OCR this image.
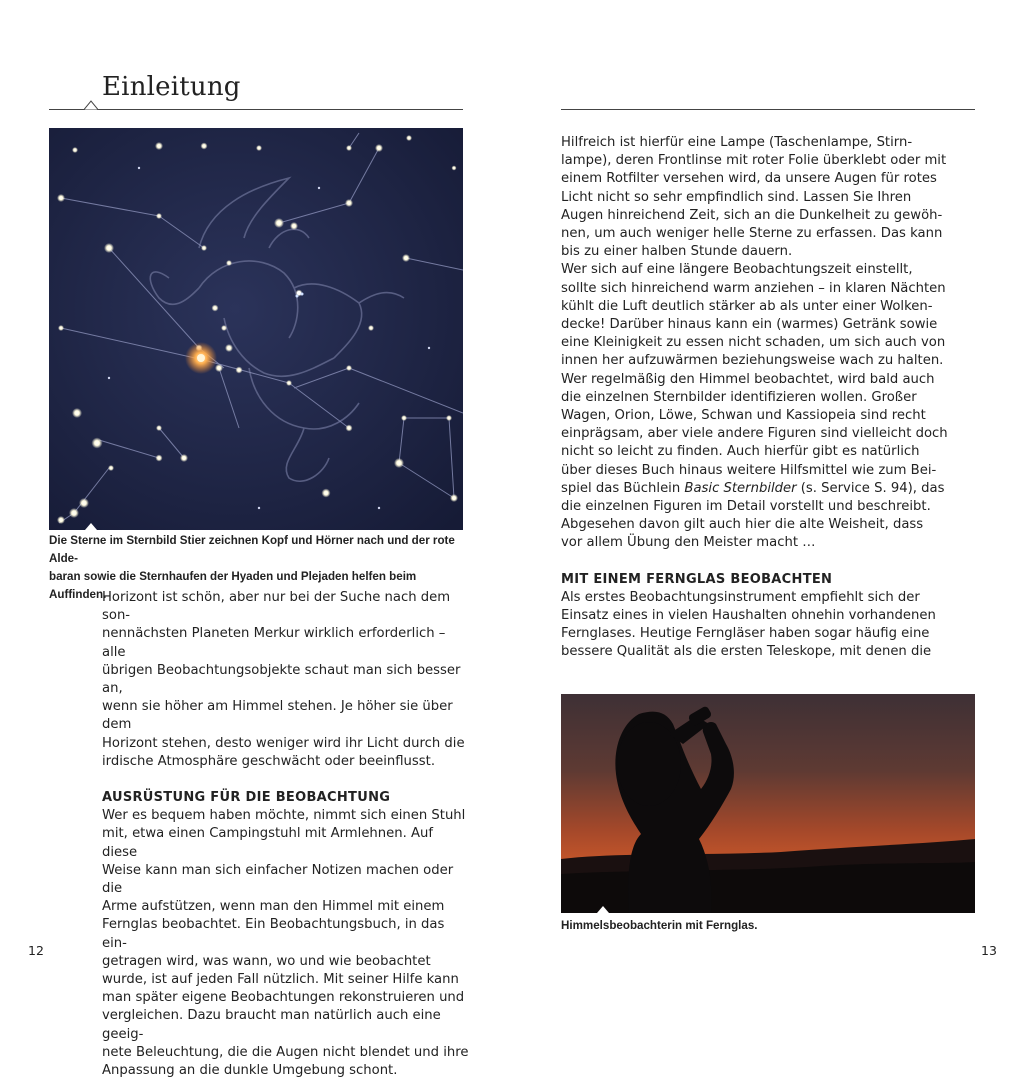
Einleitung
Die Sterne im Sternbild Stier zeichnen Kopf und Hörner nach und der rote Alde-
baran sowie die Sternhaufen der Hyaden und Plejaden helfen beim Auffinden.

Horizont ist schön, aber nur bei der Suche nach dem son-

nennächsten Planeten Merkur wirklich erforderlich – alle

übrigen Beobachtungsobjekte schaut man sich besser an,

wenn sie höher am Himmel stehen. Je höher sie über dem

Horizont stehen, desto weniger wird ihr Licht durch die

irdische Atmosphäre geschwächt oder beeinflusst.

AUSRÜSTUNG FÜR DIE BEOBACHTUNG

Wer es bequem haben möchte, nimmt sich einen Stuhl

mit, etwa einen Campingstuhl mit Armlehnen. Auf diese

Weise kann man sich einfacher Notizen machen oder die

Arme aufstützen, wenn man den Himmel mit einem

Fernglas beobachtet. Ein Beobachtungsbuch, in das ein-

getragen wird, was wann, wo und wie beobachtet

wurde, ist auf jeden Fall nützlich. Mit seiner Hilfe kann

man später eigene Beobachtungen rekonstruieren und

vergleichen. Dazu braucht man natürlich auch eine geeig-

nete Beleuchtung, die die Augen nicht blendet und ihre

Anpassung an die dunkle Umgebung schont.

12

Hilfreich ist hierfür eine Lampe (Taschenlampe, Stirn-

lampe), deren Frontlinse mit roter Folie überklebt oder mit

einem Rotfilter versehen wird, da unsere Augen für rotes

Licht nicht so sehr empfindlich sind. Lassen Sie Ihren

Augen hinreichend Zeit, sich an die Dunkelheit zu gewöh-

nen, um auch weniger helle Sterne zu erfassen. Das kann

bis zu einer halben Stunde dauern.

Wer sich auf eine längere Beobachtungszeit einstellt,

sollte sich hinreichend warm anziehen – in klaren Nächten

kühlt die Luft deutlich stärker ab als unter einer Wolken-

decke! Darüber hinaus kann ein (warmes) Getränk sowie

eine Kleinigkeit zu essen nicht schaden, um sich auch von

innen her aufzuwärmen beziehungsweise wach zu halten.

Wer regelmäßig den Himmel beobachtet, wird bald auch

die einzelnen Sternbilder identifizieren wollen. Großer

Wagen, Orion, Löwe, Schwan und Kassiopeia sind recht

einprägsam, aber viele andere Figuren sind vielleicht doch

nicht so leicht zu finden. Auch hierfür gibt es natürlich

über dieses Buch hinaus weitere Hilfsmittel wie zum Bei-

spiel das Büchlein Basic Sternbilder (s. Service S. 94), das

die einzelnen Figuren im Detail vorstellt und beschreibt.

Abgesehen davon gilt auch hier die alte Weisheit, dass

vor allem Übung den Meister macht …

MIT EINEM FERNGLAS BEOBACHTEN

Als erstes Beobachtungsinstrument empfiehlt sich der

Einsatz eines in vielen Haushalten ohnehin vorhandenen

Fernglases. Heutige Ferngläser haben sogar häufig eine

bessere Qualität als die ersten Teleskope, mit denen die

Himmelsbeobachterin mit Fernglas.
13
